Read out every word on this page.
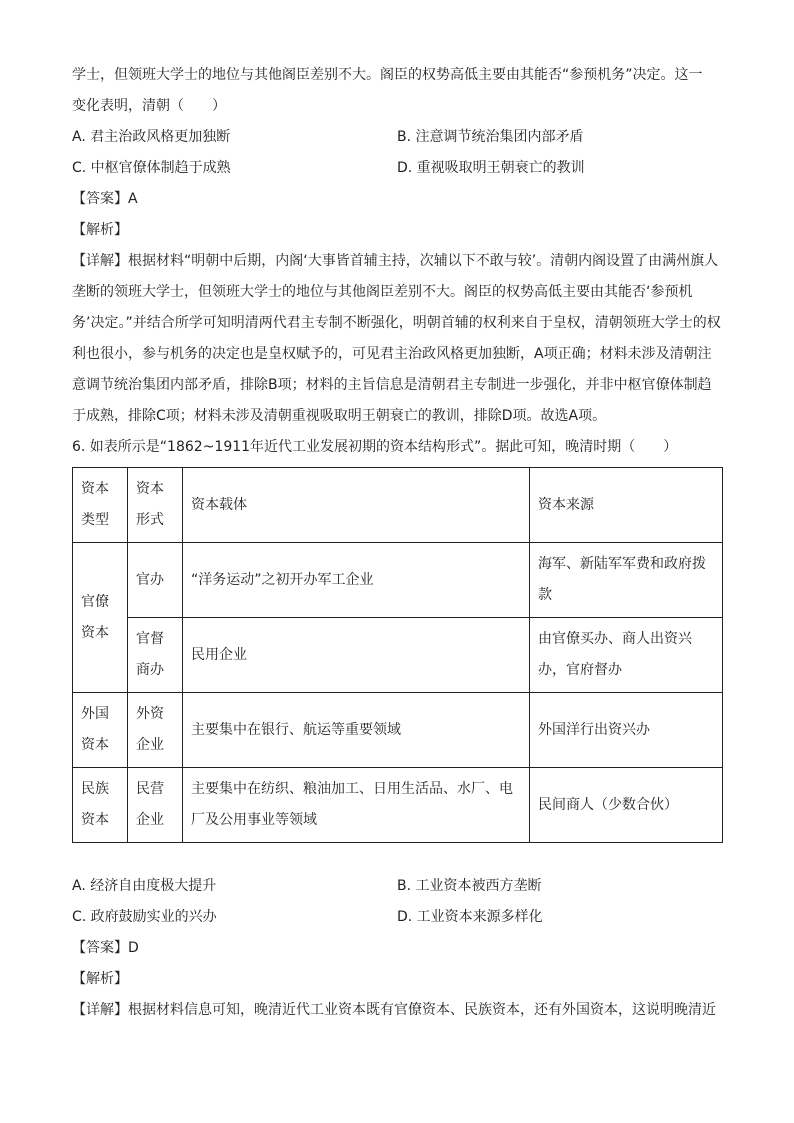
学士，但领班大学士的地位与其他阁臣差别不大。阁臣的权势高低主要由其能否“参预机务”决定。这一

变化表明，清朝（　　）

A. 君主治政风格更加独断	B. 注意调节统治集团内部矛盾
C. 中枢官僚体制趋于成熟	D. 重视吸取明王朝衰亡的教训

【答案】A

【解析】

【详解】根据材料“明朝中后期，内阁‘大事皆首辅主持，次辅以下不敢与较’。清朝内阁设置了由满州旗人垄断的领班大学士，但领班大学士的地位与其他阁臣差别不大。阁臣的权势高低主要由其能否‘参预机务’决定。”并结合所学可知明清两代君主专制不断强化，明朝首辅的权利来自于皇权，清朝领班大学士的权利也很小，参与机务的决定也是皇权赋予的，可见君主治政风格更加独断，A项正确；材料未涉及清朝注意调节统治集团内部矛盾，排除B项；材料的主旨信息是清朝君主专制进一步强化，并非中枢官僚体制趋于成熟，排除C项；材料未涉及清朝重视吸取明王朝衰亡的教训，排除D项。故选A项。

6. 如表所示是“1862~1911年近代工业发展初期的资本结构形式”。据此可知，晚清时期（　　）

资本类型	资本形式	资本载体	资本来源
官僚资本	官办	“洋务运动”之初开办军工企业	海军、新陆军军费和政府拨款
	官督商办	民用企业	由官僚买办、商人出资兴办，官府督办
外国资本	外资企业	主要集中在银行、航运等重要领域	外国洋行出资兴办
民族资本	民营企业	主要集中在纺织、粮油加工、日用生活品、水厂、电厂及公用事业等领域	民间商人（少数合伙）
A. 经济自由度极大提升	B. 工业资本被西方垄断
C. 政府鼓励实业的兴办	D. 工业资本来源多样化

【答案】D

【解析】

【详解】根据材料信息可知，晚清近代工业资本既有官僚资本、民族资本，还有外国资本，这说明晚清近
